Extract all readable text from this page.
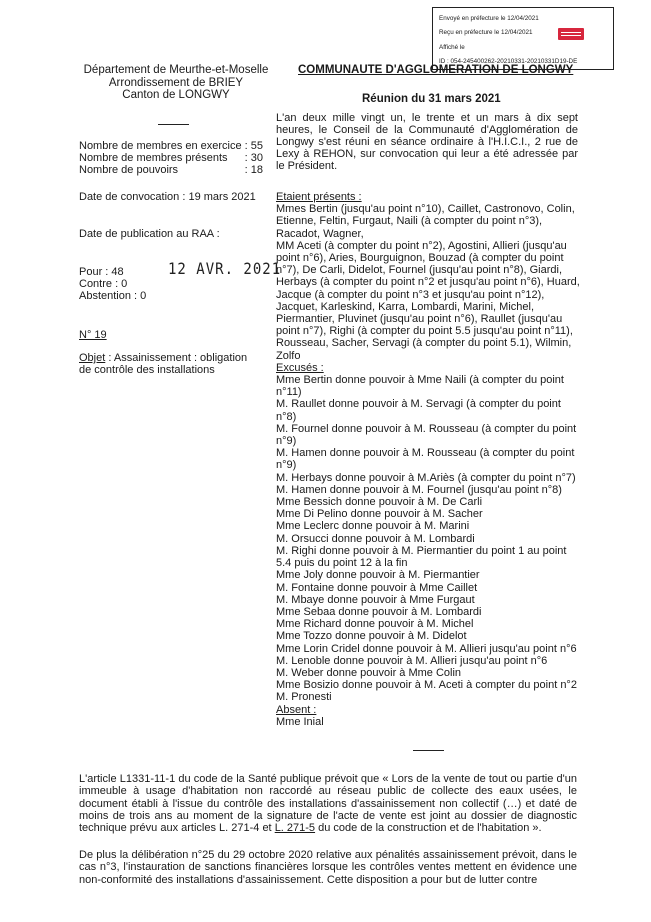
Envoyé en préfecture le 12/04/2021
Reçu en préfecture le 12/04/2021
Affiché le
ID : 054-245400262-20210331-20210331D19-DE
Département de Meurthe-et-Moselle
Arrondissement de BRIEY
Canton de LONGWY
COMMUNAUTE D'AGGLOMERATION DE LONGWY
Réunion du 31 mars 2021
Nombre de membres en exercice : 55
Nombre de membres présents : 30
Nombre de pouvoirs	: 18
Date de convocation : 19 mars 2021
Date de publication au RAA :
Pour : 48
Contre : 0
Abstention : 0
12 AVR. 2021
N° 19
Objet : Assainissement : obligation de contrôle des installations
L'an deux mille vingt un, le trente et un mars à dix sept heures, le Conseil de la Communauté d'Agglomération de Longwy s'est réuni en séance ordinaire à l'H.I.C.I., 2 rue de Lexy à REHON, sur convocation qui leur a été adressée par le Président.
Etaient présents :
Mmes Bertin (jusqu'au point n°10), Caillet, Castronovo, Colin,
Etienne, Feltin, Furgaut, Naili (à compter du point n°3),
Racadot, Wagner,
MM Aceti (à compter du point n°2), Agostini, Allieri (jusqu'au
point n°6), Aries, Bourguignon, Bouzad (à compter du point
n°7), De Carli, Didelot, Fournel (jusqu'au point n°8), Giardi,
Herbays (à compter du point n°2 et jusqu'au point n°6), Huard,
Jacque (à compter du point n°3 et jusqu'au point n°12),
Jacquet, Karleskind, Karra, Lombardi, Marini, Michel,
Piermantier, Pluvinet (jusqu'au point n°6), Raullet (jusqu'au
point n°7), Righi (à compter du point 5.5 jusqu'au point n°11),
Rousseau, Sacher, Servagi (à compter du point 5.1), Wilmin,
Zolfo
Excusés :
Mme Bertin donne pouvoir à Mme Naili (à compter du point
n°11)
M. Raullet donne pouvoir à M. Servagi (à compter du point
n°8)
M. Fournel donne pouvoir à M. Rousseau (à compter du point
n°9)
M. Hamen donne pouvoir à M. Rousseau (à compter du point
n°9)
M. Herbays donne pouvoir à M.Ariès (à compter du point n°7)
M. Hamen donne pouvoir à M. Fournel (jusqu'au point n°8)
Mme Bessich donne pouvoir à M. De Carli
Mme Di Pelino donne pouvoir à M. Sacher
Mme Leclerc donne pouvoir à M. Marini
M. Orsucci donne pouvoir à M. Lombardi
M. Righi donne pouvoir à M. Piermantier du point 1 au point
5.4 puis du point 12 à la fin
Mme Joly donne pouvoir à M. Piermantier
M. Fontaine donne pouvoir à Mme Caillet
M. Mbaye donne pouvoir à Mme Furgaut
Mme Sebaa donne pouvoir à M. Lombardi
Mme Richard donne pouvoir à M. Michel
Mme Tozzo donne pouvoir à M. Didelot
Mme Lorin Cridel donne pouvoir à M. Allieri jusqu'au point n°6
M. Lenoble donne pouvoir à M. Allieri jusqu'au point n°6
M. Weber donne pouvoir à Mme Colin
Mme Bosizio donne pouvoir à M. Aceti à compter du point n°2
M. Pronesti
Absent :
Mme Inial
L'article L1331-11-1 du code de la Santé publique prévoit que « Lors de la vente de tout ou partie d'un immeuble à usage d'habitation non raccordé au réseau public de collecte des eaux usées, le document établi à l'issue du contrôle des installations d'assainissement non collectif (…) et daté de moins de trois ans au moment de la signature de l'acte de vente est joint au dossier de diagnostic technique prévu aux articles L. 271-4 et L. 271-5 du code de la construction et de l'habitation ».
De plus la délibération n°25 du 29 octobre 2020 relative aux pénalités assainissement prévoit, dans le cas n°3, l'instauration de sanctions financières lorsque les contrôles ventes mettent en évidence une non-conformité des installations d'assainissement. Cette disposition a pour but de lutter contre
